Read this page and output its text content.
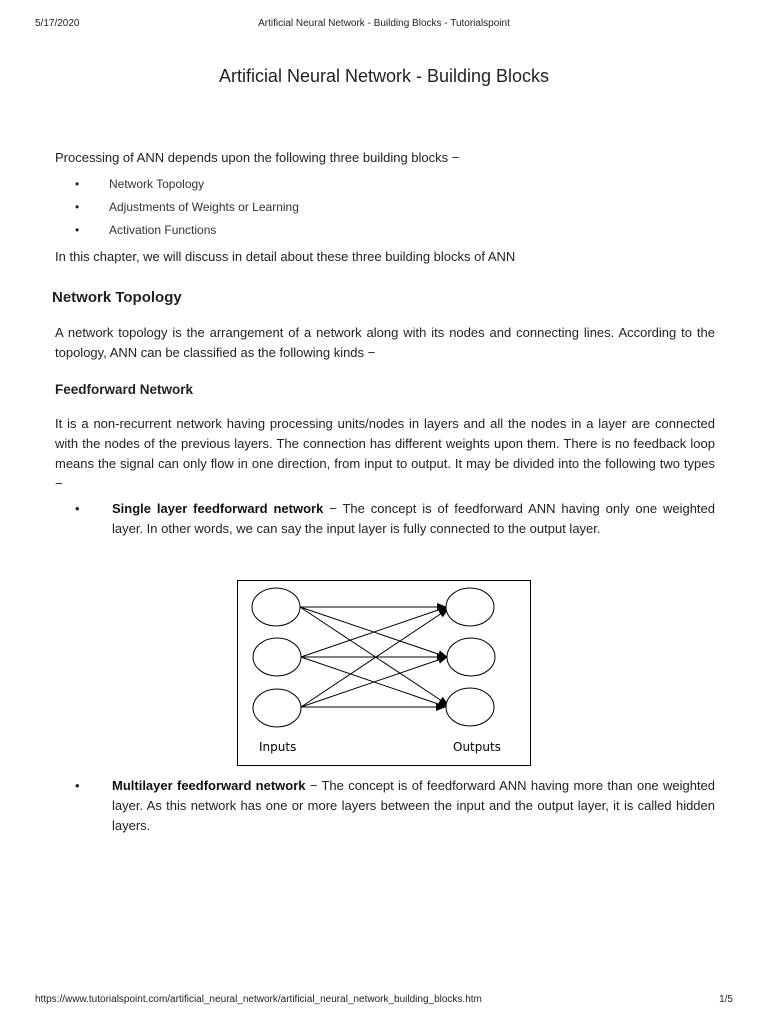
5/17/2020	Artificial Neural Network - Building Blocks - Tutorialspoint
Artificial Neural Network - Building Blocks
Processing of ANN depends upon the following three building blocks −
• Network Topology
• Adjustments of Weights or Learning
• Activation Functions
In this chapter, we will discuss in detail about these three building blocks of ANN
Network Topology
A network topology is the arrangement of a network along with its nodes and connecting lines. According to the topology, ANN can be classified as the following kinds −
Feedforward Network
It is a non-recurrent network having processing units/nodes in layers and all the nodes in a layer are connected with the nodes of the previous layers. The connection has different weights upon them. There is no feedback loop means the signal can only flow in one direction, from input to output. It may be divided into the following two types −
• Single layer feedforward network − The concept is of feedforward ANN having only one weighted layer. In other words, we can say the input layer is fully connected to the output layer.
Inputs	Outputs
• Multilayer feedforward network − The concept is of feedforward ANN having more than one weighted layer. As this network has one or more layers between the input and the output layer, it is called hidden layers.
https://www.tutorialspoint.com/artificial_neural_network/artificial_neural_network_building_blocks.htm	1/5
